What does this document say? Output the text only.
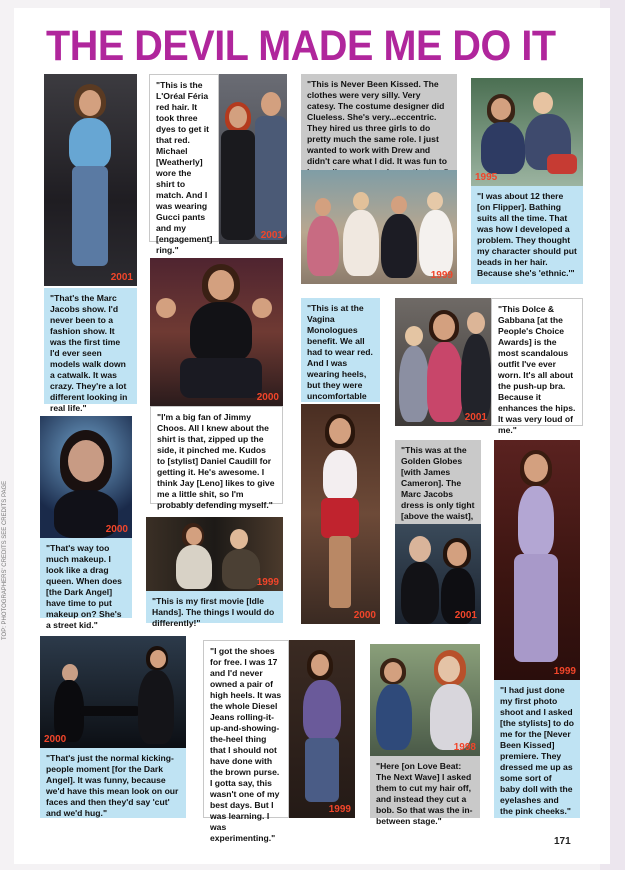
THE DEVIL MADE ME DO IT
2001
"This is the L'Oréal Féria red hair. It took three dyes to get it that red. Michael [Weatherly] wore the shirt to match. And I was wearing Gucci pants and my [engagement] ring."
2001
"This is Never Been Kissed. The clothes were very silly. Very catesy. The costume designer did Clueless. She's very...eccentric. They hired us three girls to do pretty much the same role. I just wanted to work with Drew and didn't care what I did. It was fun to
1999
1995
"I was about 12 there [on Flipper]. Bathing suits all the time. That was how I developed a problem. They thought my character should put beads in her hair. Because she's 'ethnic.'"
"That's the Marc Jacobs show. I'd never been to a fashion show. It was the first time I'd ever seen models walk down a catwalk. It was crazy. They're a lot different looking in real life."
2000
"I'm a big fan of Jimmy Choos. All I knew about the shirt is that, zipped up the side, it pinched me. Kudos to [stylist] Daniel Caudill for getting it. He's awesome. I think Jay [Leno] likes to give me a little shit, so I'm probably defending myself."
"This is at the Vagina Monologues benefit. We all had to wear red. And I was wearing heels, but they were uncomfortable
2001
"This Dolce & Gabbana [at the People's Choice Awards] is the most scandalous outfit I've ever worn. It's all about the push-up bra. Because it enhances the hips. It was very loud of me."
2000
"That's way too much makeup. I look like a drag queen. When does [the Dark Angel] have time to put makeup on? She's a street kid."
1999
"This is my first movie [Idle Hands]. The things I would do differently!"
2000
"This was at the Golden Globes [with James Cameron]. The Marc Jacobs dress is only tight [above the waist],
2001
1999
2000
"That's just the normal kicking-people moment [for the Dark Angel]. It was funny, because we'd have this mean look on our faces and then they'd say 'cut' and we'd hug."
"I got the shoes for free. I was 17 and I'd never owned a pair of high heels. It was the whole Diesel Jeans rolling-it-up-and-showing-the-heel thing that I should not have done with the brown purse. I gotta say, this wasn't one of my best days. But I was learning. I was experimenting."
1999
1998
"Here [on Love Beat: The Next Wave] I asked them to cut my hair off, and instead they cut a bob. So that was the in-between stage."
"I had just done my first photo shoot and I asked [the stylists] to do me for the [Never Been Kissed] premiere. They dressed me up as some sort of baby doll with the eyelashes and the pink cheeks."
TOP: PHOTOGRAPHERS' CREDITS SEE CREDITS PAGE
171
